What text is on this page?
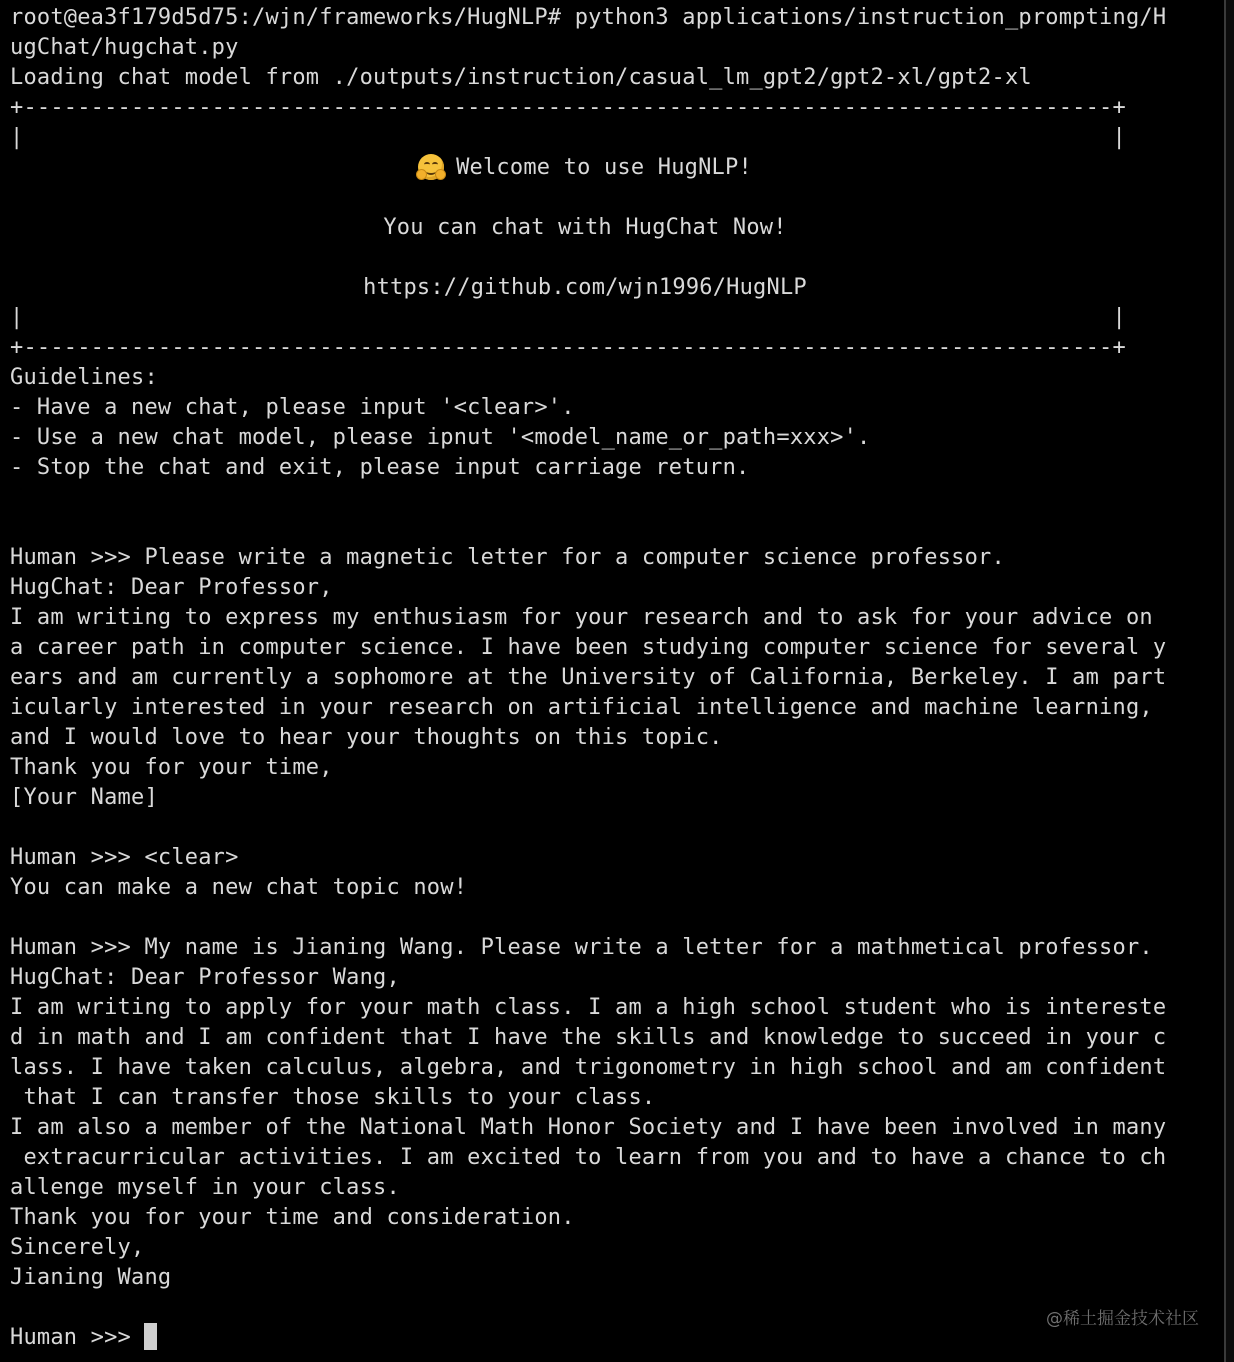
root@ea3f179d5d75:/wjn/frameworks/HugNLP# python3 applications/instruction_prompting/H
ugChat/hugchat.py
Loading chat model from ./outputs/instruction/casual_lm_gpt2/gpt2-xl/gpt2-xl
+---------------------------------------------------------------------------------+
|                                                                                 |
Welcome to use HugNLP!
You can chat with HugChat Now!
https://github.com/wjn1996/HugNLP
|                                                                                 |
+---------------------------------------------------------------------------------+
Guidelines:
- Have a new chat, please input '<clear>'.
- Use a new chat model, please ipnut '<model_name_or_path=xxx>'.
- Stop the chat and exit, please input carriage return.
Human >>> Please write a magnetic letter for a computer science professor.
HugChat: Dear Professor,
I am writing to express my enthusiasm for your research and to ask for your advice on
a career path in computer science. I have been studying computer science for several y
ears and am currently a sophomore at the University of California, Berkeley. I am part
icularly interested in your research on artificial intelligence and machine learning,
and I would love to hear your thoughts on this topic.
Thank you for your time,
[Your Name]
Human >>> <clear>
You can make a new chat topic now!
Human >>> My name is Jianing Wang. Please write a letter for a mathmetical professor.
HugChat: Dear Professor Wang,
I am writing to apply for your math class. I am a high school student who is intereste
d in math and I am confident that I have the skills and knowledge to succeed in your c
lass. I have taken calculus, algebra, and trigonometry in high school and am confident
that I can transfer those skills to your class.
I am also a member of the National Math Honor Society and I have been involved in many
extracurricular activities. I am excited to learn from you and to have a chance to ch
allenge myself in your class.
Thank you for your time and consideration.
Sincerely,
Jianing Wang
Human >>>
@稀土掘金技术社区
